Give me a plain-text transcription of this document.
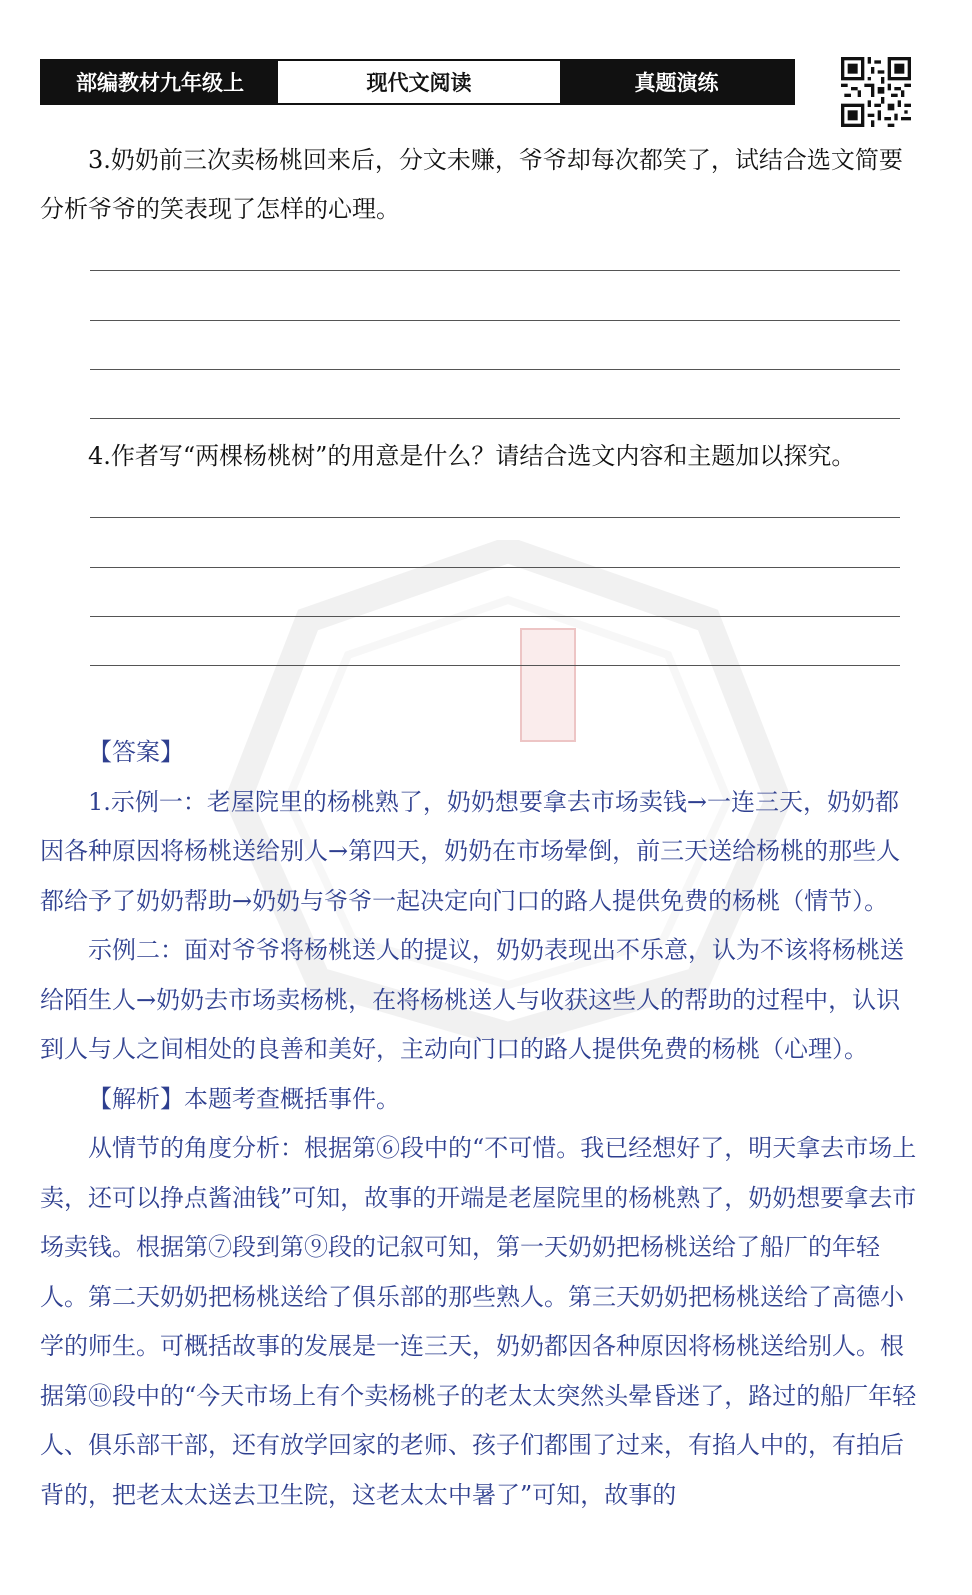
部编教材九年级上	现代文阅读	真题演练

3.奶奶前三次卖杨桃回来后，分文未赚，爷爷却每次都笑了，试结合选文简要分析爷爷的笑表现了怎样的心理。

4.作者写“两棵杨桃树”的用意是什么？请结合选文内容和主题加以探究。

【答案】

1.示例一：老屋院里的杨桃熟了，奶奶想要拿去市场卖钱→一连三天，奶奶都因各种原因将杨桃送给别人→第四天，奶奶在市场晕倒，前三天送给杨桃的那些人都给予了奶奶帮助→奶奶与爷爷一起决定向门口的路人提供免费的杨桃（情节）。

示例二：面对爷爷将杨桃送人的提议，奶奶表现出不乐意，认为不该将杨桃送给陌生人→奶奶去市场卖杨桃，在将杨桃送人与收获这些人的帮助的过程中，认识到人与人之间相处的良善和美好，主动向门口的路人提供免费的杨桃（心理）。

【解析】本题考查概括事件。

从情节的角度分析：根据第⑥段中的“不可惜。我已经想好了，明天拿去市场上卖，还可以挣点酱油钱”可知，故事的开端是老屋院里的杨桃熟了，奶奶想要拿去市场卖钱。根据第⑦段到第⑨段的记叙可知，第一天奶奶把杨桃送给了船厂的年轻人。第二天奶奶把杨桃送给了俱乐部的那些熟人。第三天奶奶把杨桃送给了高德小学的师生。可概括故事的发展是一连三天，奶奶都因各种原因将杨桃送给别人。根据第⑩段中的“今天市场上有个卖杨桃子的老太太突然头晕昏迷了，路过的船厂年轻人、俱乐部干部，还有放学回家的老师、孩子们都围了过来，有掐人中的，有拍后背的，把老太太送去卫生院，这老太太中暑了”可知，故事的
